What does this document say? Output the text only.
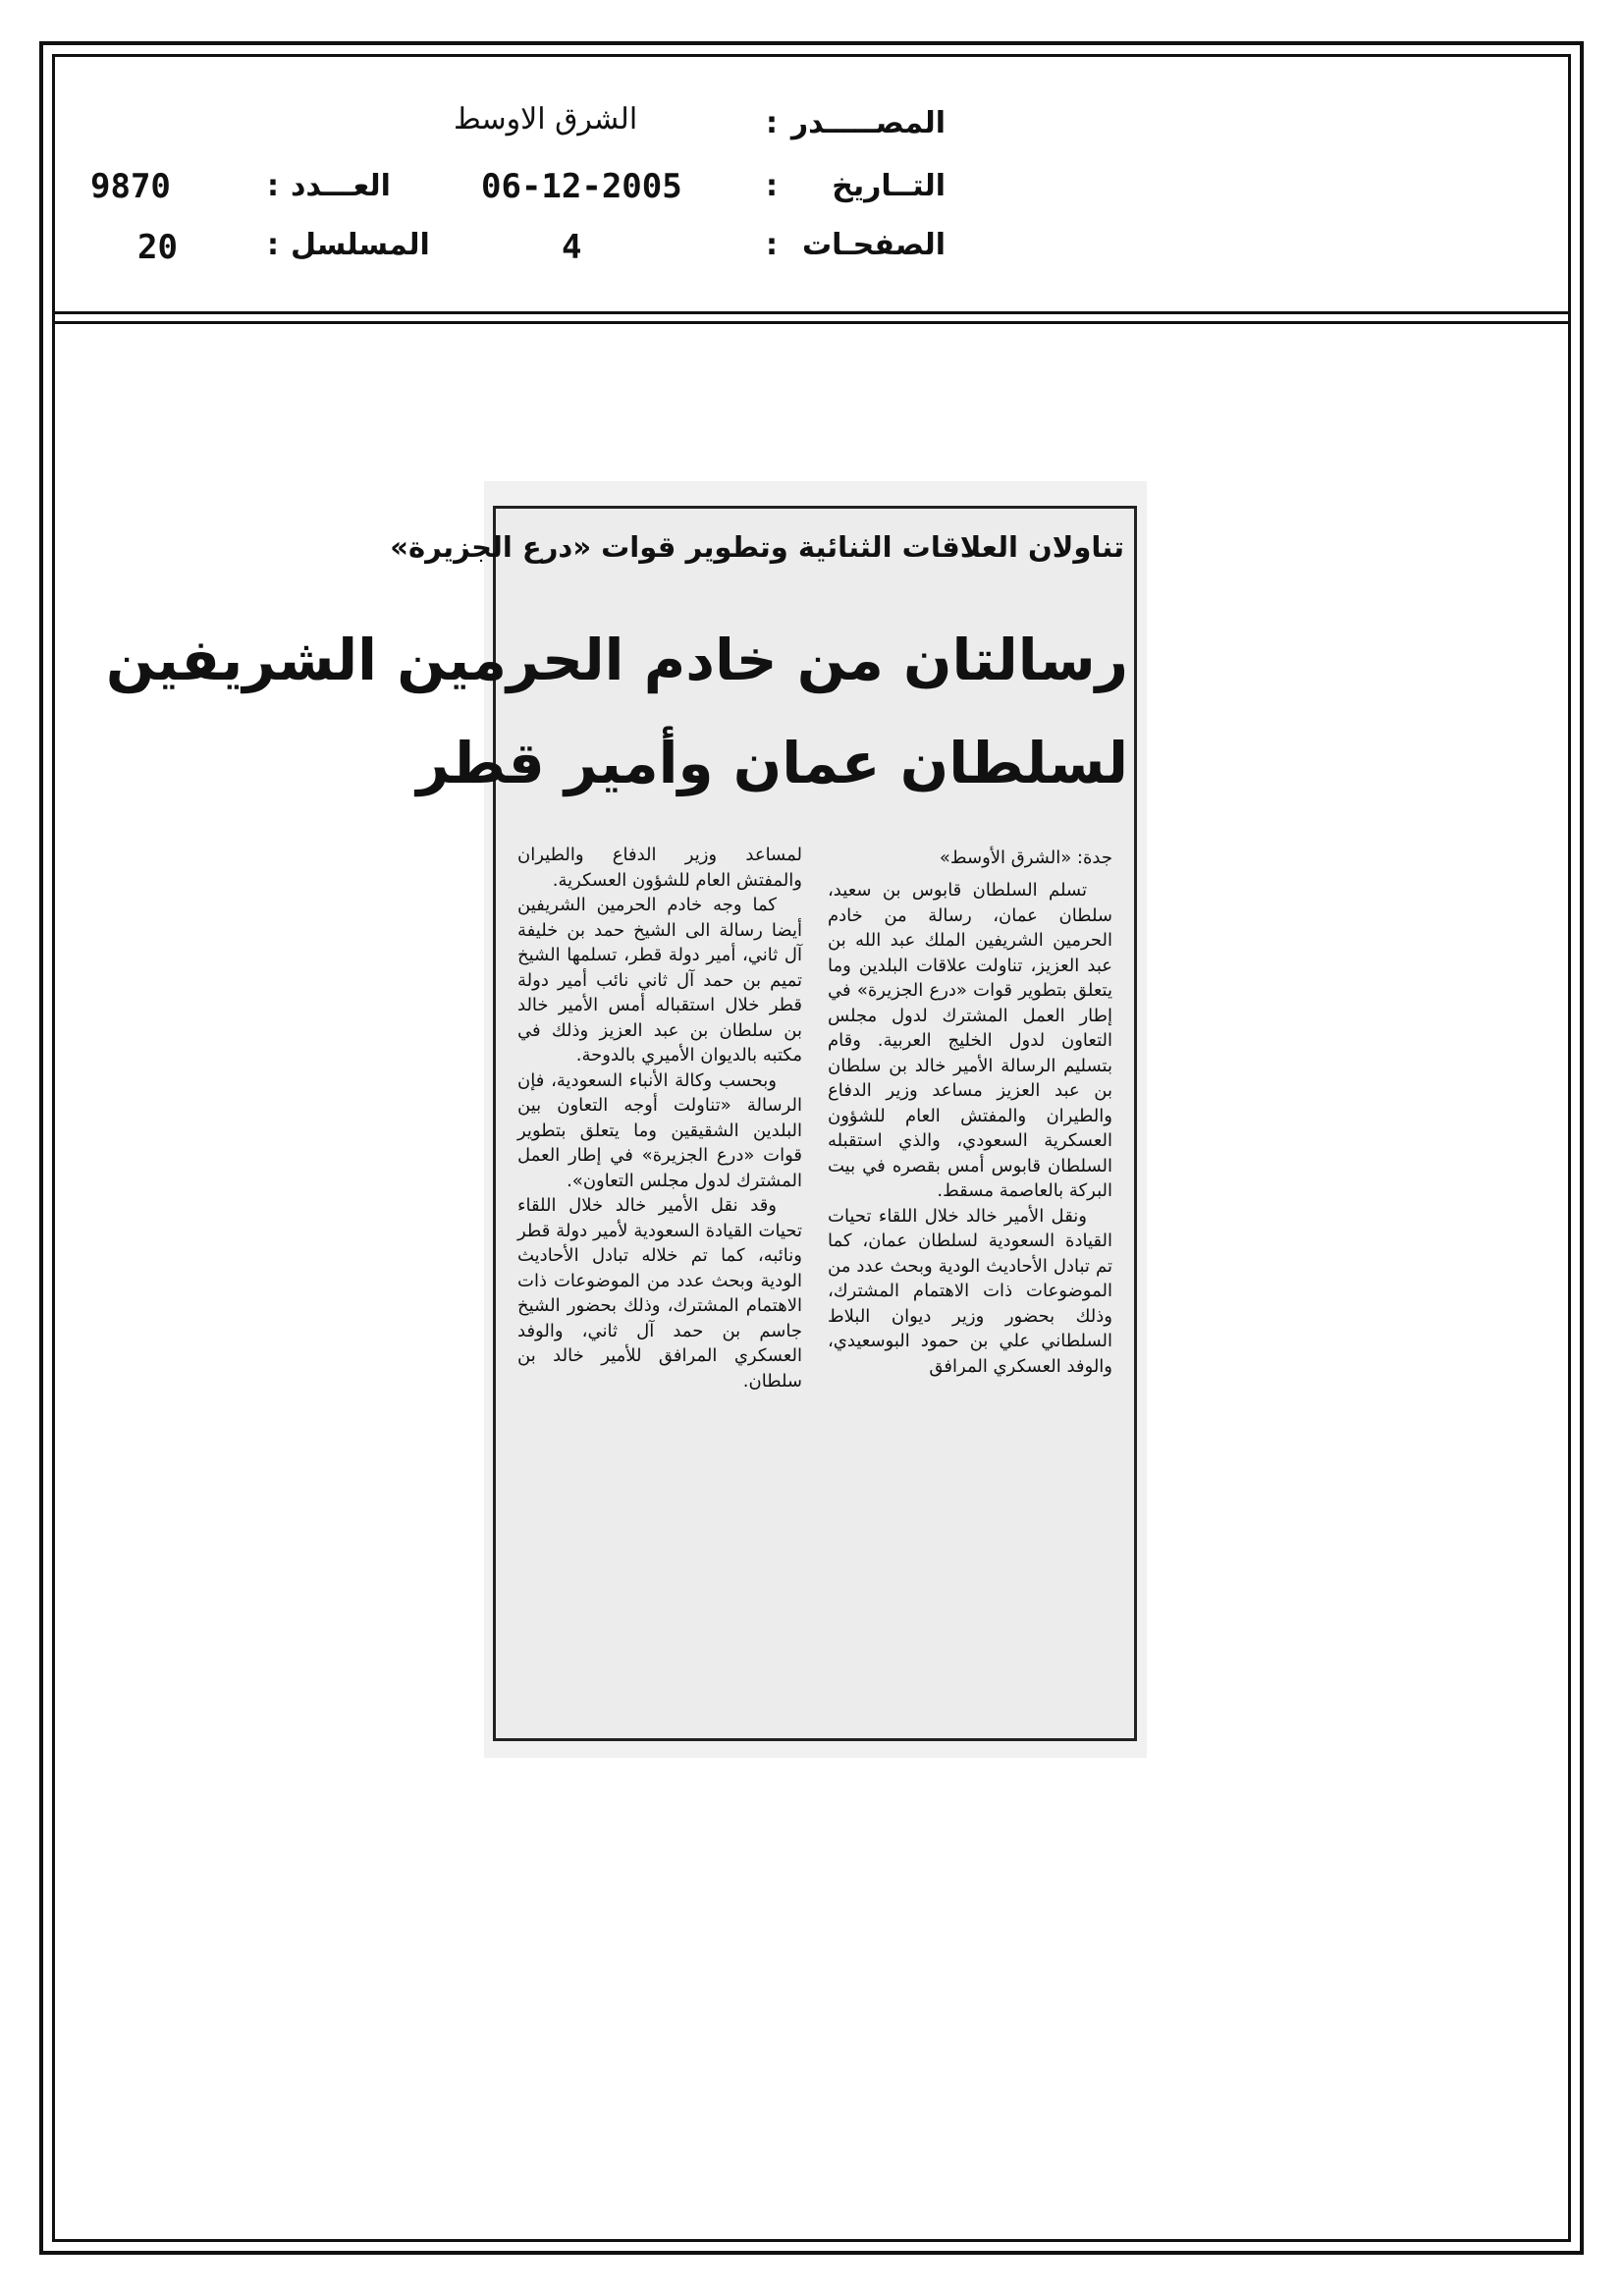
المصـــــدر
:
الشرق الاوسط
التــاريخ
:
06-12-2005
الصفحـات
:
4
العـــدد
:
9870
المسلسل
:
20
تناولان العلاقات الثنائية وتطوير قوات «درع الجزيرة»
رسالتان من خادم الحرمين الشريفين
لسلطان عمان وأمير قطر
جدة: «الشرق الأوسط»

تسلم السلطان قابوس بن سعيد، سلطان عمان، رسالة من خادم الحرمين الشريفين الملك عبد الله بن عبد العزيز، تناولت علاقات البلدين وما يتعلق بتطوير قوات «درع الجزيرة» في إطار العمل المشترك لدول مجلس التعاون لدول الخليج العربية. وقام بتسليم الرسالة الأمير خالد بن سلطان بن عبد العزيز مساعد وزير الدفاع والطيران والمفتش العام للشؤون العسكرية السعودي، والذي استقبله السلطان قابوس أمس بقصره في بيت البركة بالعاصمة مسقط.

ونقل الأمير خالد خلال اللقاء تحيات القيادة السعودية لسلطان عمان، كما تم تبادل الأحاديث الودية وبحث عدد من الموضوعات ذات الاهتمام المشترك، وذلك بحضور وزير ديوان البلاط السلطاني علي بن حمود البوسعيدي، والوفد العسكري المرافق

لمساعد وزير الدفاع والطيران والمفتش العام للشؤون العسكرية.

كما وجه خادم الحرمين الشريفين أيضا رسالة الى الشيخ حمد بن خليفة آل ثاني، أمير دولة قطر، تسلمها الشيخ تميم بن حمد آل ثاني نائب أمير دولة قطر خلال استقباله أمس الأمير خالد بن سلطان بن عبد العزيز وذلك في مكتبه بالديوان الأميري بالدوحة.

وبحسب وكالة الأنباء السعودية، فإن الرسالة «تناولت أوجه التعاون بين البلدين الشقيقين وما يتعلق بتطوير قوات «درع الجزيرة» في إطار العمل المشترك لدول مجلس التعاون».

وقد نقل الأمير خالد خلال اللقاء تحيات القيادة السعودية لأمير دولة قطر ونائبه، كما تم خلاله تبادل الأحاديث الودية وبحث عدد من الموضوعات ذات الاهتمام المشترك، وذلك بحضور الشيخ جاسم بن حمد آل ثاني، والوفد العسكري المرافق للأمير خالد بن سلطان.
